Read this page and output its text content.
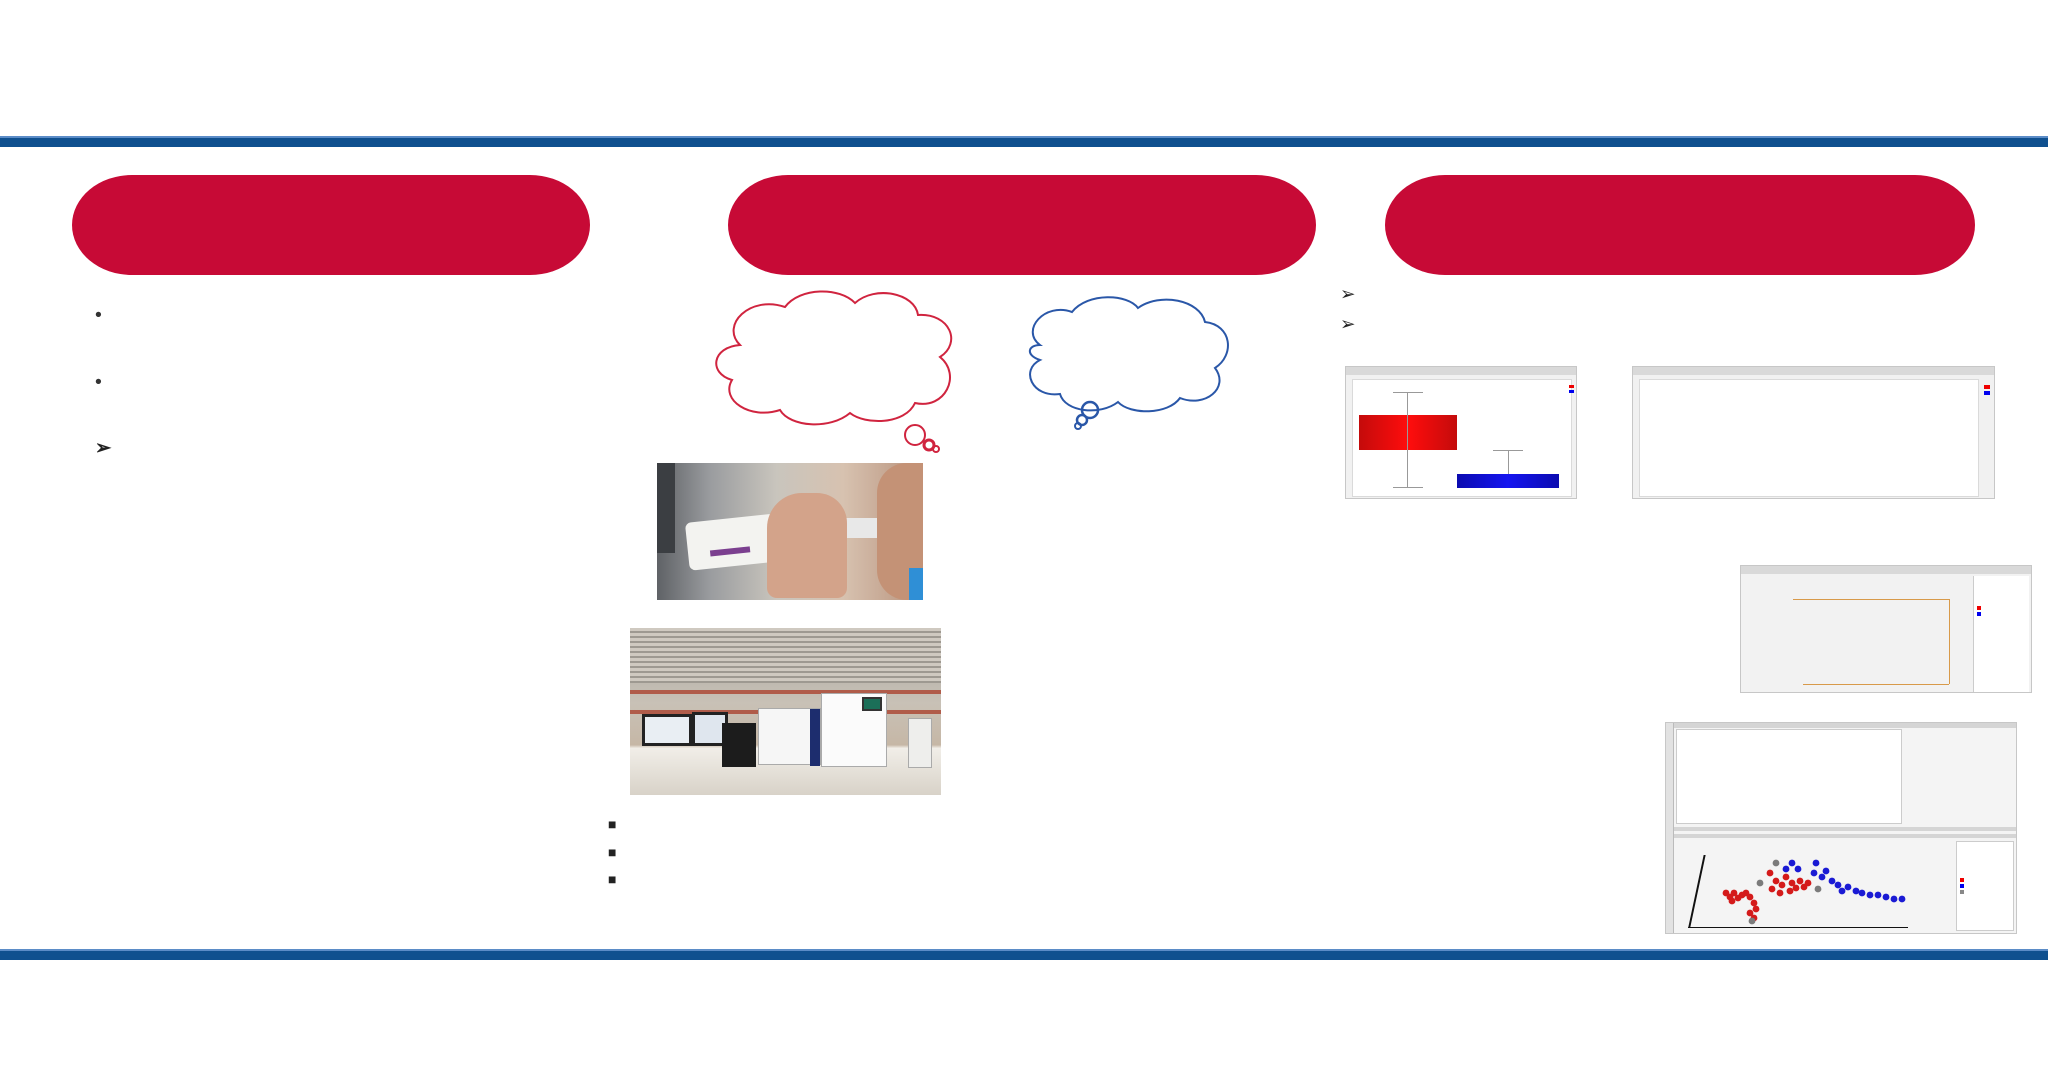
•
•
➢
■
■
■
➢
➢
